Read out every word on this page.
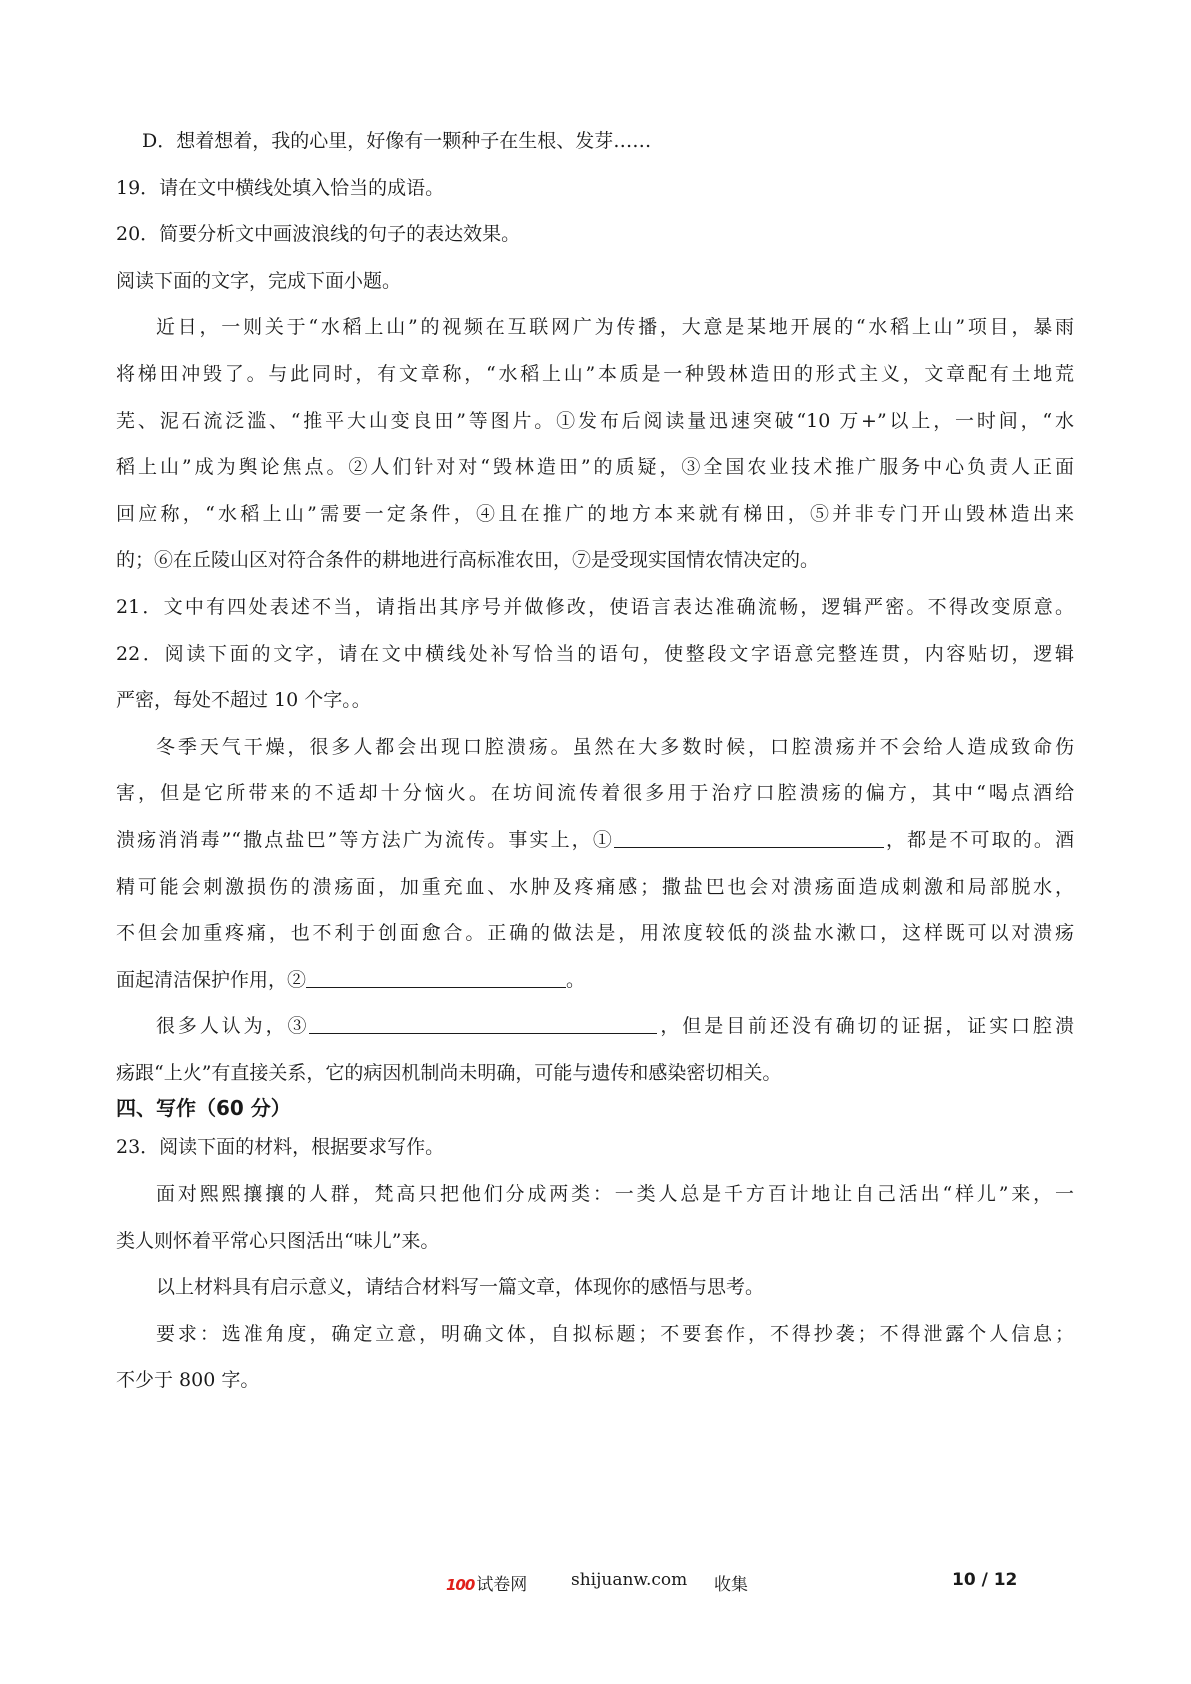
D．想着想着，我的心里，好像有一颗种子在生根、发芽……
19．请在文中横线处填入恰当的成语。
20．简要分析文中画波浪线的句子的表达效果。
阅读下面的文字，完成下面小题。
近日，一则关于“水稻上山”的视频在互联网广为传播，大意是某地开展的“水稻上山”项目，暴雨
将梯田冲毁了。与此同时，有文章称，“水稻上山”本质是一种毁林造田的形式主义，文章配有土地荒
芜、泥石流泛滥、“推平大山变良田”等图片。①发布后阅读量迅速突破“10 万+”以上，一时间，“水
稻上山”成为舆论焦点。②人们针对对“毁林造田”的质疑，③全国农业技术推广服务中心负责人正面
回应称，“水稻上山”需要一定条件，④且在推广的地方本来就有梯田，⑤并非专门开山毁林造出来
的；⑥在丘陵山区对符合条件的耕地进行高标准农田，⑦是受现实国情农情决定的。
21．文中有四处表述不当，请指出其序号并做修改，使语言表达准确流畅，逻辑严密。不得改变原意。
22．阅读下面的文字，请在文中横线处补写恰当的语句，使整段文字语意完整连贯，内容贴切，逻辑
严密，每处不超过 10 个字。。
冬季天气干燥，很多人都会出现口腔溃疡。虽然在大多数时候，口腔溃疡并不会给人造成致命伤
害，但是它所带来的不适却十分恼火。在坊间流传着很多用于治疗口腔溃疡的偏方，其中“喝点酒给
溃疡消消毒”“撒点盐巴”等方法广为流传。事实上，①	，都是不可取的。酒
精可能会刺激损伤的溃疡面，加重充血、水肿及疼痛感；撒盐巴也会对溃疡面造成刺激和局部脱水，
不但会加重疼痛，也不利于创面愈合。正确的做法是，用浓度较低的淡盐水漱口，这样既可以对溃疡
面起清洁保护作用，②	。
很多人认为，③	，但是目前还没有确切的证据，证实口腔溃
疡跟“上火”有直接关系，它的病因机制尚未明确，可能与遗传和感染密切相关。
四、写作（60 分）
23．阅读下面的材料，根据要求写作。
面对熙熙攘攘的人群，梵高只把他们分成两类：一类人总是千方百计地让自己活出“样儿”来，一
类人则怀着平常心只图活出“味儿”来。
以上材料具有启示意义，请结合材料写一篇文章，体现你的感悟与思考。
要求：选准角度，确定立意，明确文体，自拟标题；不要套作，不得抄袭；不得泄露个人信息；
不少于 800 字。
100 试卷网	shijuanw.com 收集	10 / 12
